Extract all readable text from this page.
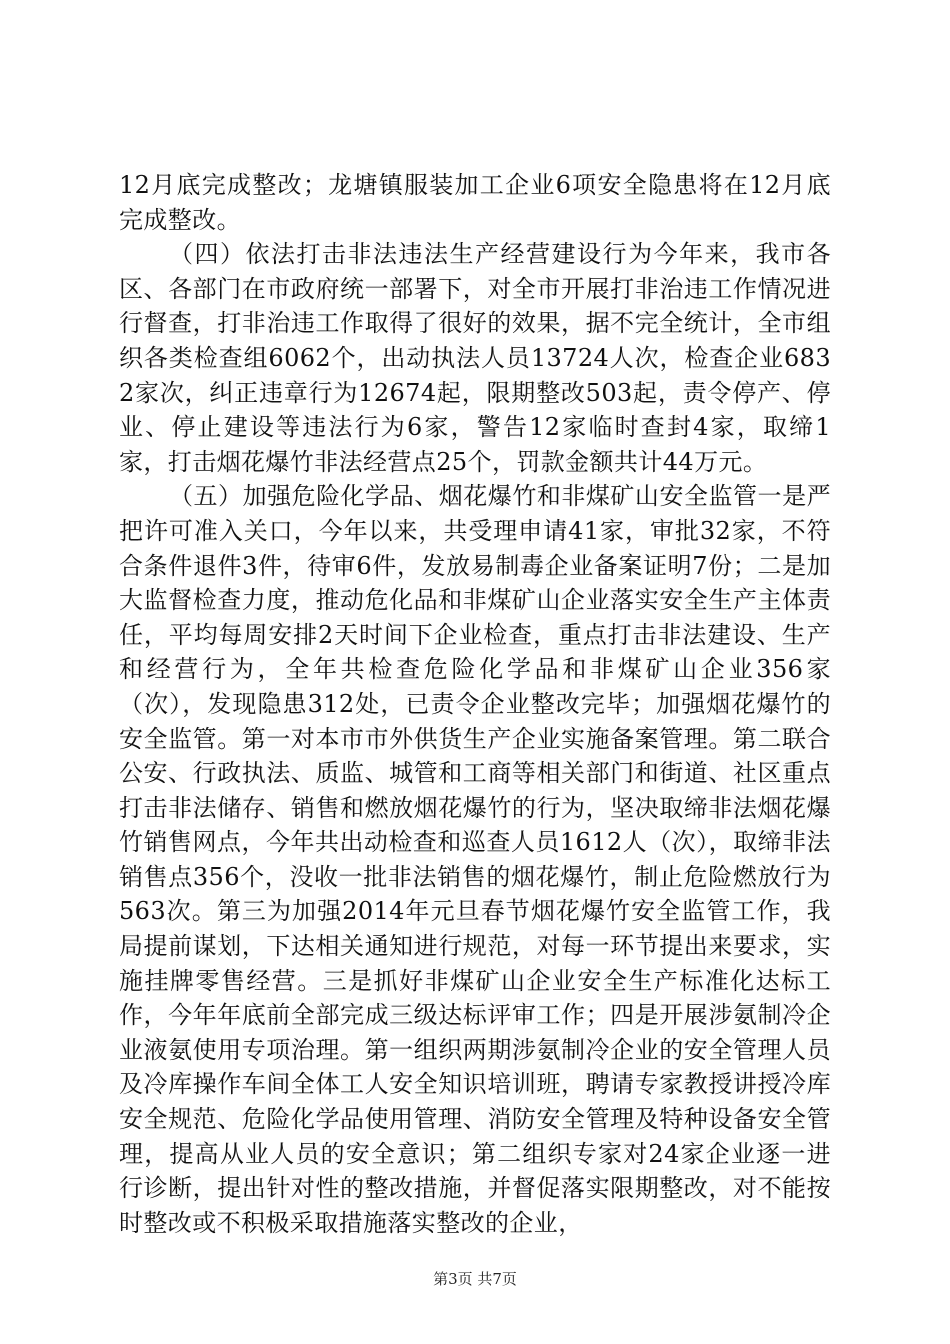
12月底完成整改；龙塘镇服装加工企业6项安全隐患将在12月底完成整改。

（四）依法打击非法违法生产经营建设行为今年来，我市各区、各部门在市政府统一部署下，对全市开展打非治违工作情况进行督查，打非治违工作取得了很好的效果，据不完全统计，全市组织各类检查组6062个，出动执法人员13724人次，检查企业6832家次，纠正违章行为12674起，限期整改503起，责令停产、停业、停止建设等违法行为6家，警告12家临时查封4家，取缔1家，打击烟花爆竹非法经营点25个，罚款金额共计44万元。

（五）加强危险化学品、烟花爆竹和非煤矿山安全监管一是严把许可准入关口，今年以来，共受理申请41家，审批32家，不符合条件退件3件，待审6件，发放易制毒企业备案证明7份；二是加大监督检查力度，推动危化品和非煤矿山企业落实安全生产主体责任，平均每周安排2天时间下企业检查，重点打击非法建设、生产和经营行为，全年共检查危险化学品和非煤矿山企业356家（次），发现隐患312处，已责令企业整改完毕；加强烟花爆竹的安全监管。第一对本市市外供货生产企业实施备案管理。第二联合公安、行政执法、质监、城管和工商等相关部门和街道、社区重点打击非法储存、销售和燃放烟花爆竹的行为，坚决取缔非法烟花爆竹销售网点，今年共出动检查和巡查人员1612人（次），取缔非法销售点356个，没收一批非法销售的烟花爆竹，制止危险燃放行为563次。第三为加强2014年元旦春节烟花爆竹安全监管工作，我局提前谋划，下达相关通知进行规范，对每一环节提出来要求，实施挂牌零售经营。三是抓好非煤矿山企业安全生产标准化达标工作，今年年底前全部完成三级达标评审工作；四是开展涉氨制冷企业液氨使用专项治理。第一组织两期涉氨制冷企业的安全管理人员及冷库操作车间全体工人安全知识培训班，聘请专家教授讲授冷库安全规范、危险化学品使用管理、消防安全管理及特种设备安全管理，提高从业人员的安全意识；第二组织专家对24家企业逐一进行诊断，提出针对性的整改措施，并督促落实限期整改，对不能按时整改或不积极采取措施落实整改的企业，

第3页 共7页
